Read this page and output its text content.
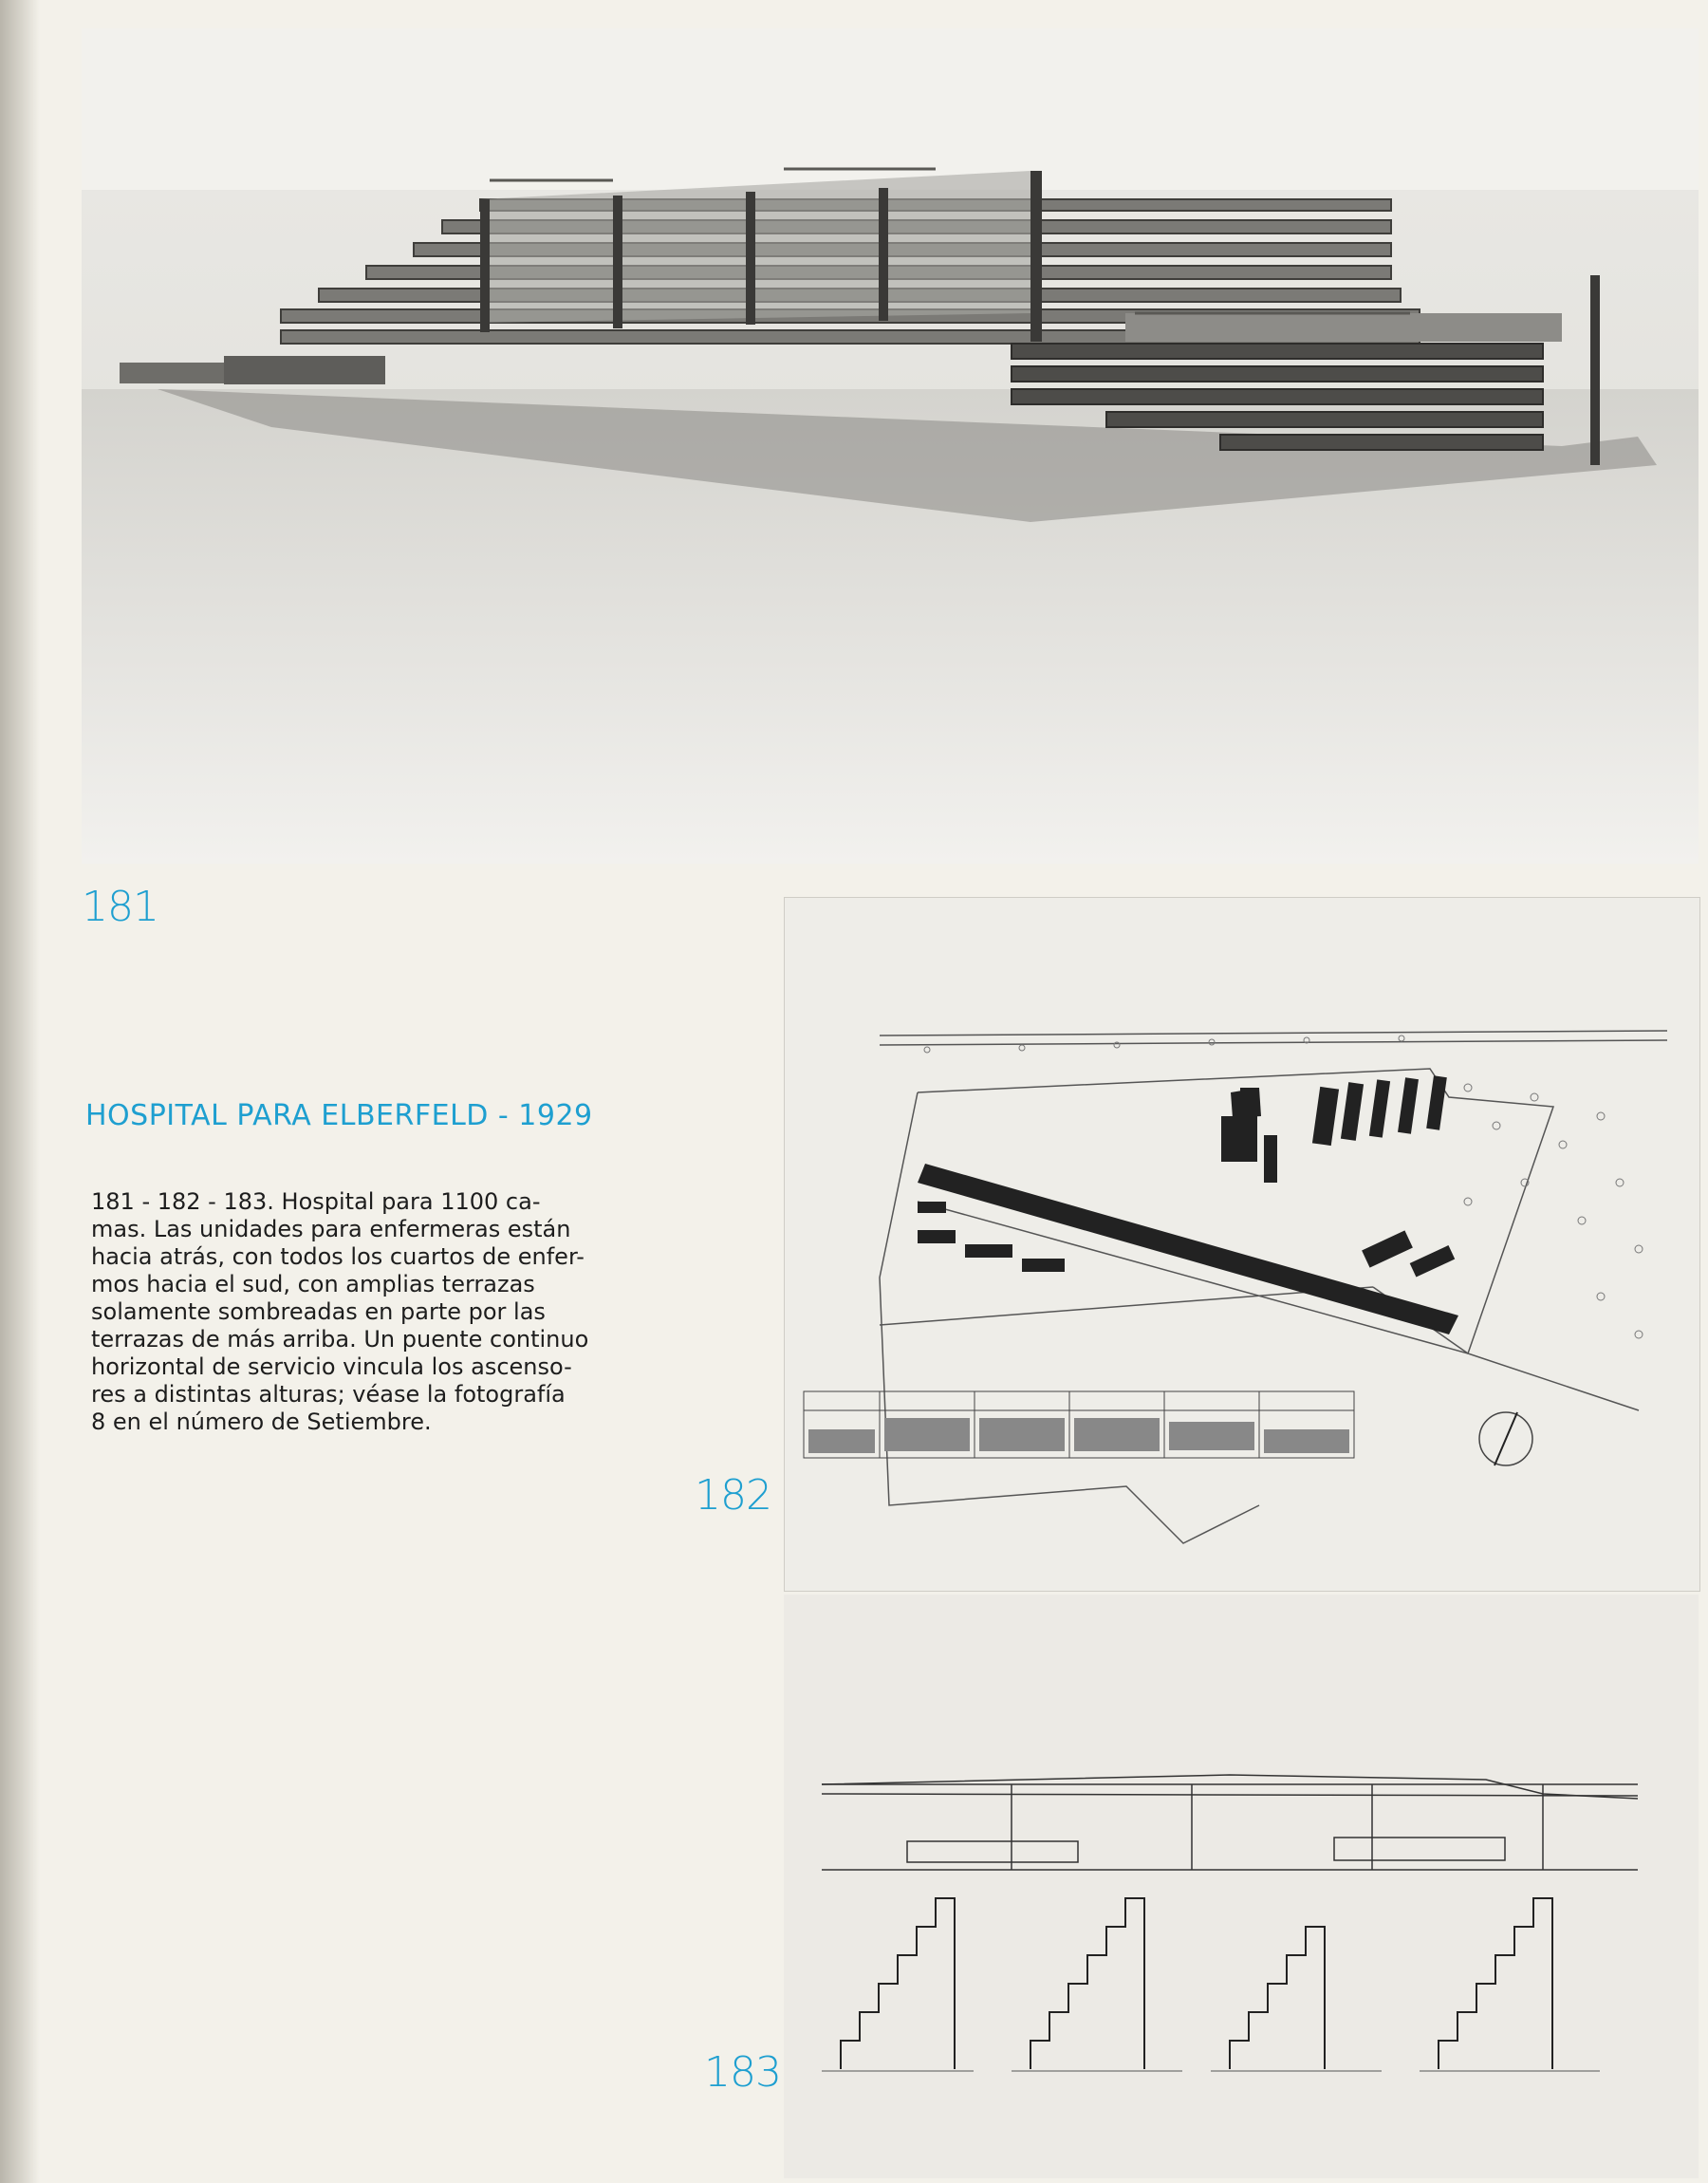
181
HOSPITAL PARA ELBERFELD - 1929
181 - 182 - 183. Hospital para 1100 ca-
mas. Las unidades para enfermeras están
hacia atrás, con todos los cuartos de enfer-
mos hacia el sud, con amplias terrazas
solamente sombreadas en parte por las
terrazas de más arriba. Un puente continuo
horizontal de servicio vincula los ascenso-
res a distintas alturas; véase la fotografía
8 en el número de Setiembre.
182
183
